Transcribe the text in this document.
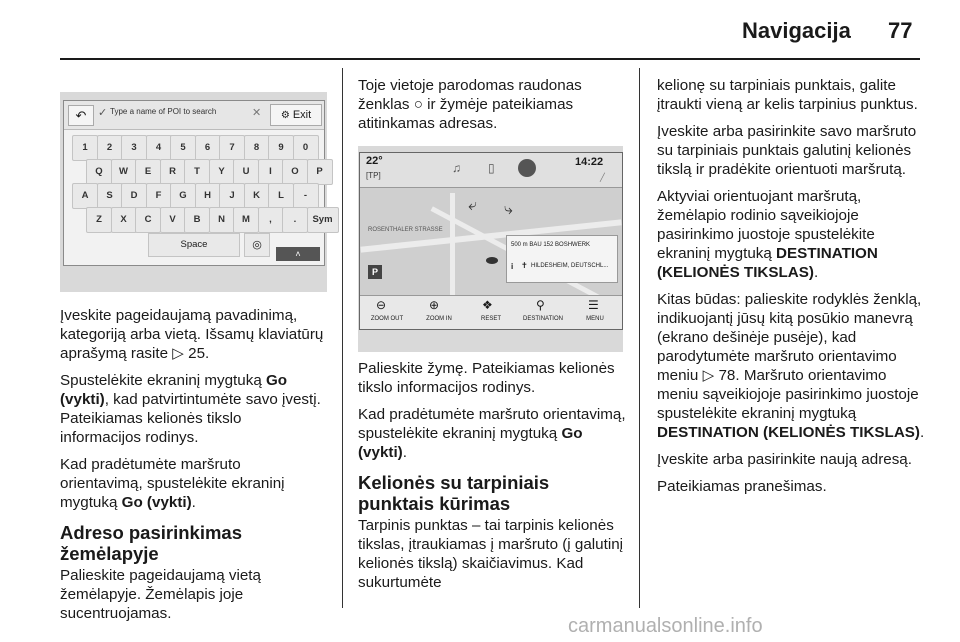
Navigacija 77
↶	✓ Type a name of POI to search	✕	⚙ Exit
1	2	3	4	5	6	7	8	9	0
Q	W	E	R	T	Y	U	I	O	P
A	S	D	F	G	H	J	K	L	-
Z	X	C	V	B	N	M	,	.	Sym
Space	◎
˄
22°
[TP]
♫ ▯	14:22
╱
ROSENTHALER STRASSE
⤶ ⤷
P
500 m BAU 152 BOSHWERK
i ✝ HILDESHEIM, DEUTSCHL...
⊖
ZOOM OUT
⊕
ZOOM IN
❖
RESET
⚲
DESTINATION
☰
MENU

Įveskite pageidaujamą pavadinimą, kategoriją arba vietą. Išsamų klaviatūrų aprašymą rasite ▷ 25.

Spustelėkite ekraninį mygtuką Go (vykti), kad patvirtintumėte savo įvestį. Pateikiamas kelionės tikslo informacijos rodinys.

Kad pradėtumėte maršruto orientavimą, spustelėkite ekraninį mygtuką Go (vykti).

Adreso pasirinkimas žemėlapyje

Palieskite pageidaujamą vietą žemėlapyje. Žemėlapis joje sucentruojamas.

Toje vietoje parodomas raudonas ženklas ○ ir žymėje pateikiamas atitinkamas adresas.

Palieskite žymę. Pateikiamas kelionės tikslo informacijos rodinys.

Kad pradėtumėte maršruto orientavimą, spustelėkite ekraninį mygtuką Go (vykti).

Kelionės su tarpiniais punktais kūrimas

Tarpinis punktas – tai tarpinis kelionės tikslas, įtraukiamas į maršruto (į galutinį kelionės tikslą) skaičiavimus. Kad sukurtumėte

kelionę su tarpiniais punktais, galite įtraukti vieną ar kelis tarpinius punktus.

Įveskite arba pasirinkite savo maršruto su tarpiniais punktais galutinį kelionės tikslą ir pradėkite orientuoti maršrutą.

Aktyviai orientuojant maršrutą, žemėlapio rodinio sąveikiojoje pasirinkimo juostoje spustelėkite ekraninį mygtuką DESTINATION (KELIONĖS TIKSLAS).

Kitas būdas: palieskite rodyklės ženklą, indikuojantį jūsų kitą posūkio manevrą (ekrano dešinėje pusėje), kad parodytumėte maršruto orientavimo meniu ▷ 78. Maršruto orientavimo meniu sąveikiojoje pasirinkimo juostoje spustelėkite ekraninį mygtuką DESTINATION (KELIONĖS TIKSLAS).

Įveskite arba pasirinkite naują adresą.

Pateikiamas pranešimas.

carmanualsonline.info
